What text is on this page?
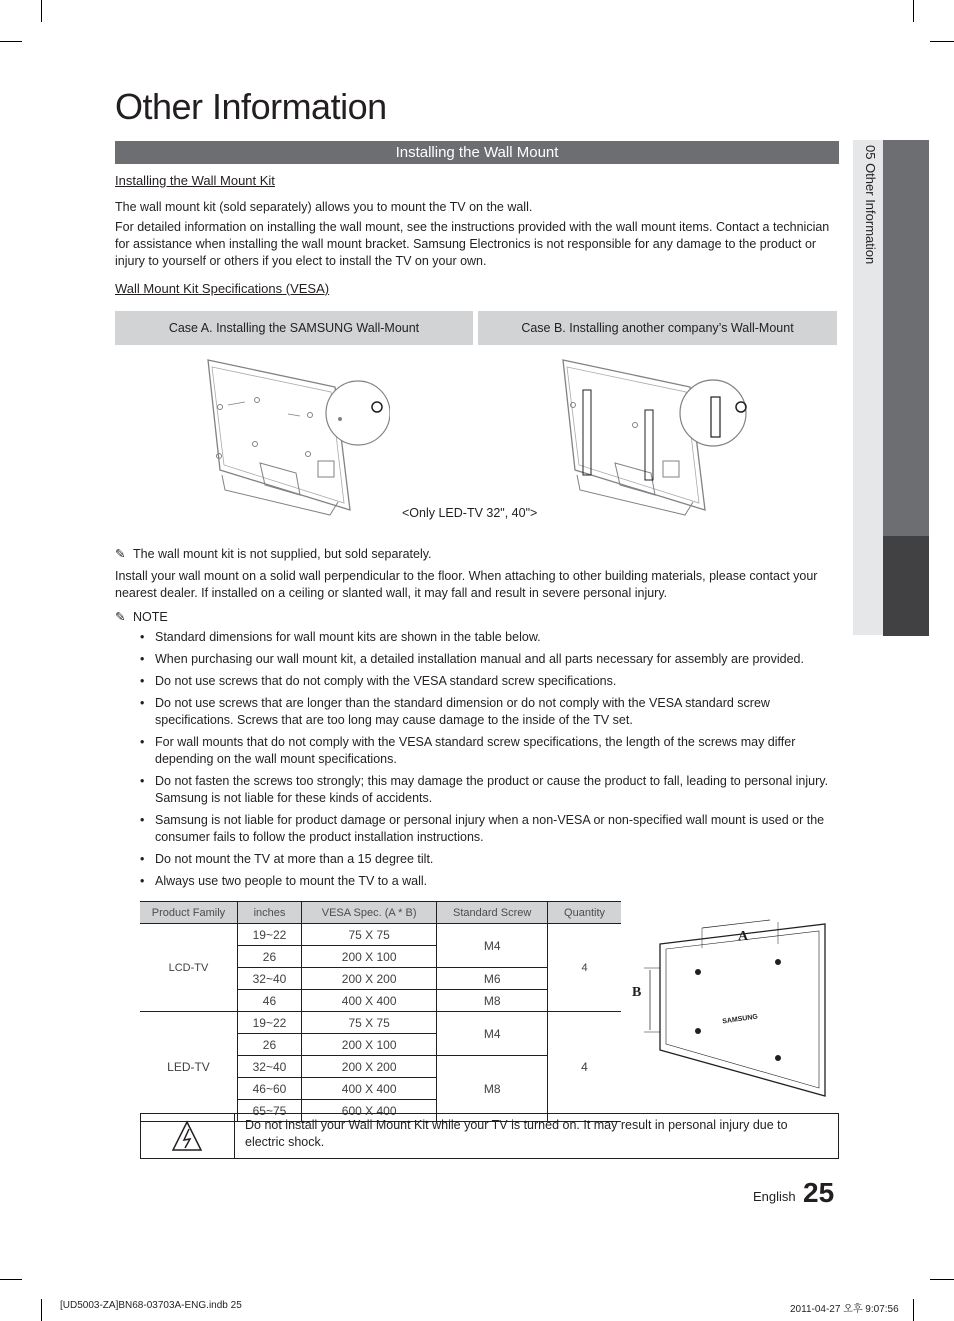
05 Other Information
Other Information
Installing the Wall Mount
Installing the Wall Mount Kit
The wall mount kit (sold separately) allows you to mount the TV on the wall.
For detailed information on installing the wall mount, see the instructions provided with the wall mount items. Contact a technician for assistance when installing the wall mount bracket. Samsung Electronics is not responsible for any damage to the product or injury to yourself or others if you elect to install the TV on your own.
Wall Mount Kit Specifications (VESA)
Case A. Installing the SAMSUNG Wall-Mount	Case B. Installing another company’s Wall-Mount
<Only LED-TV 32", 40">
✎ The wall mount kit is not supplied, but sold separately.
Install your wall mount on a solid wall perpendicular to the floor. When attaching to other building materials, please contact your nearest dealer. If installed on a ceiling or slanted wall, it may fall and result in severe personal injury.
✎ NOTE
• Standard dimensions for wall mount kits are shown in the table below.
• When purchasing our wall mount kit, a detailed installation manual and all parts necessary for assembly are provided.
• Do not use screws that do not comply with the VESA standard screw specifications.
• Do not use screws that are longer than the standard dimension or do not comply with the VESA standard screw specifications. Screws that are too long may cause damage to the inside of the TV set.
• For wall mounts that do not comply with the VESA standard screw specifications, the length of the screws may differ depending on the wall mount specifications.
• Do not fasten the screws too strongly; this may damage the product or cause the product to fall, leading to personal injury. Samsung is not liable for these kinds of accidents.
• Samsung is not liable for product damage or personal injury when a non-VESA or non-specified wall mount is used or the consumer fails to follow the product installation instructions.
• Do not mount the TV at more than a 15 degree tilt.
• Always use two people to mount the TV to a wall.
Product Family	inches	VESA Spec. (A * B)	Standard Screw	Quantity
LCD-TV	19~22	75 X 75	M4	4
	26	200 X 100		
	32~40	200 X 200	M6	
	46	400 X 400	M8	
LED-TV	19~22	75 X 75	M4	4
	26	200 X 100		
	32~40	200 X 200	M8	
	46~60	400 X 400		
	65~75	600 X 400		
A
B
SAMSUNG
Do not install your Wall Mount Kit while your TV is turned on. It may result in personal injury due to electric shock.
English 25
[UD5003-ZA]BN68-03703A-ENG.indb 25	2011-04-27 오후 9:07:56
